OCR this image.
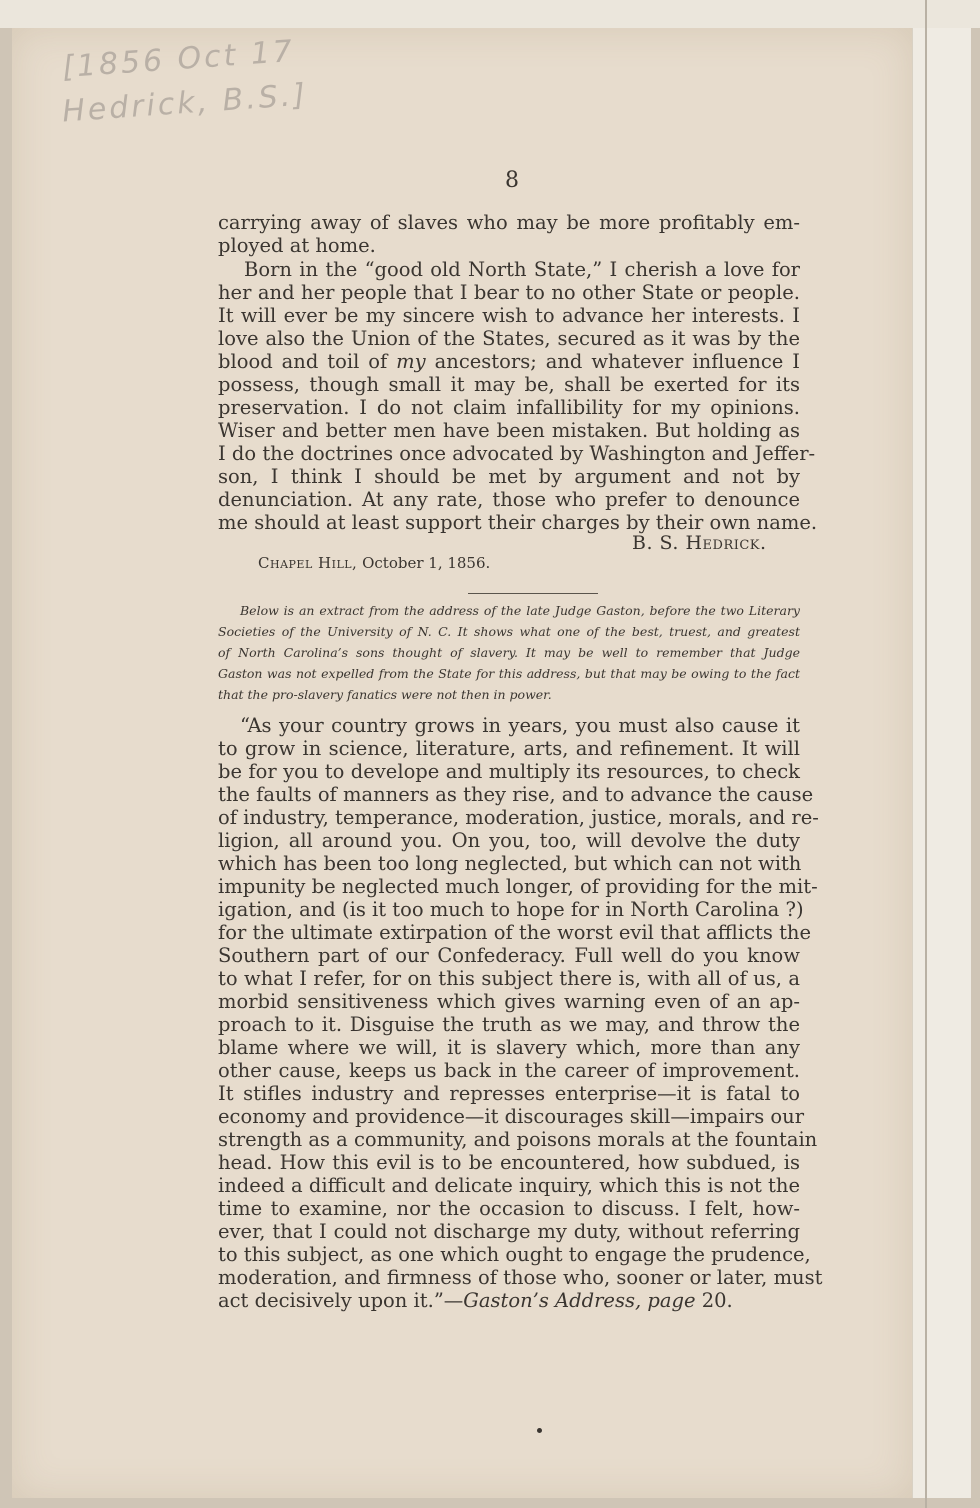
[1856 Oct 17
Hedrick, B.S.]
8
carrying away of slaves who may be more profitably em-
ployed at home.
Born in the “good old North State,” I cherish a love for
her and her people that I bear to no other State or people.
It will ever be my sincere wish to advance her interests. I
love also the Union of the States, secured as it was by the
blood and toil of my ancestors; and whatever influence I
possess, though small it may be, shall be exerted for its
preservation. I do not claim infallibility for my opinions.
Wiser and better men have been mistaken. But holding as
I do the doctrines once advocated by Washington and Jeffer-
son, I think I should be met by argument and not by
denunciation. At any rate, those who prefer to denounce
me should at least support their charges by their own name.
B. S. Hedrick.
Chapel Hill, October 1, 1856.
Below is an extract from the address of the late Judge Gaston, before the two Literary
Societies of the University of N. C. It shows what one of the best, truest, and greatest
of North Carolina’s sons thought of slavery. It may be well to remember that Judge
Gaston was not expelled from the State for this address, but that may be owing to the fact
that the pro-slavery fanatics were not then in power.
“As your country grows in years, you must also cause it
to grow in science, literature, arts, and refinement. It will
be for you to develope and multiply its resources, to check
the faults of manners as they rise, and to advance the cause
of industry, temperance, moderation, justice, morals, and re-
ligion, all around you. On you, too, will devolve the duty
which has been too long neglected, but which can not with
impunity be neglected much longer, of providing for the mit-
igation, and (is it too much to hope for in North Carolina ?)
for the ultimate extirpation of the worst evil that afflicts the
Southern part of our Confederacy. Full well do you know
to what I refer, for on this subject there is, with all of us, a
morbid sensitiveness which gives warning even of an ap-
proach to it. Disguise the truth as we may, and throw the
blame where we will, it is slavery which, more than any
other cause, keeps us back in the career of improvement.
It stifles industry and represses enterprise—it is fatal to
economy and providence—it discourages skill—impairs our
strength as a community, and poisons morals at the fountain
head. How this evil is to be encountered, how subdued, is
indeed a difficult and delicate inquiry, which this is not the
time to examine, nor the occasion to discuss. I felt, how-
ever, that I could not discharge my duty, without referring
to this subject, as one which ought to engage the prudence,
moderation, and firmness of those who, sooner or later, must
act decisively upon it.”—Gaston’s Address, page 20.
